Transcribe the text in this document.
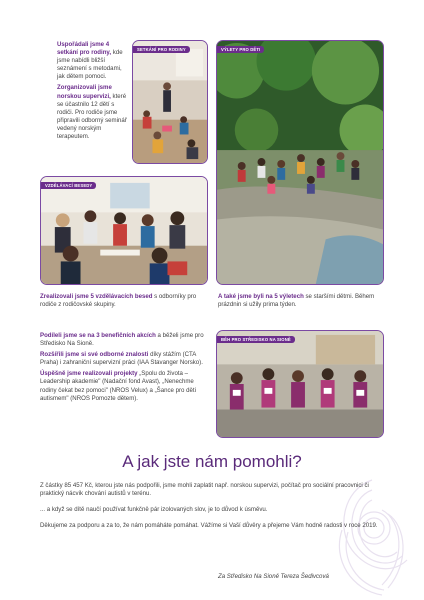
Uspořádali jsme 4 setkání pro rodiny, kde jsme nabídli bližší seznámení s metodami, jak dětem pomoci.

Zorganizovali jsme norskou supervizi, které se účastnilo 12 dětí s rodiči. Pro rodiče jsme připravili odborný seminář vedený norským terapeutem.

SETKÁNÍ PRO RODINY	VÝLETY PRO DĚTI
VZDĚLÁVACÍ BESEDY
Zrealizovali jsme 5 vzdělávacích besed s odborníky pro rodiče z rodičovské skupiny.
A také jsme byli na 5 výletech se staršími dětmi. Během prázdnin si užily prima týden.

Podíleli jsme se na 3 benefičních akcích a běželi jsme pro Středisko Na Sioně.

Rozšířili jsme si své odborné znalosti díky stážím (CTA Praha) i zahraniční supervizní práci (IAA Stavanger Norsko).

Úspěšně jsme realizovali projekty „Spolu do života – Leadership akademie" (Nadační fond Avast), „Nenechme rodiny čekat bez pomoci" (NROS Velux) a „Šance pro děti autismem" (NROS Pomozte dětem).

BĚH PRO STŘEDISKO NA SIONĚ
A jak jste nám pomohli?
Z částky 85 457 Kč, kterou jste nás podpořili, jsme mohli zaplatit např. norskou supervizi, počítač pro sociální pracovnici či praktický nácvik chování autistů v terénu.
... a když se dítě naučí používat funkčně pár izolovaných slov, je to důvod k úsměvu.
Děkujeme za podporu a za to, že nám pomáháte pomáhat. Vážíme si Vaší důvěry a přejeme Vám hodně radosti v roce 2019.
Za Středisko Na Sioně Tereza Šedivcová
